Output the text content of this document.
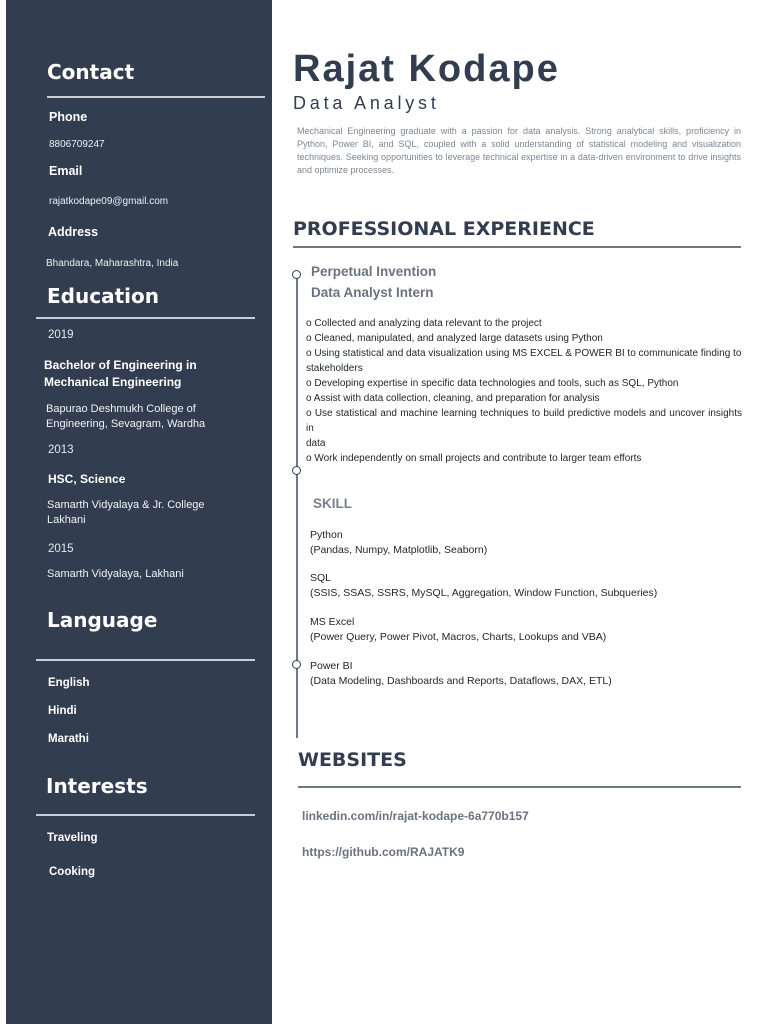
Contact
Phone
8806709247
Email
rajatkodape09@gmail.com
Address
Bhandara, Maharashtra, India
Education
2019
Bachelor of Engineering in
Mechanical Engineering
Bapurao Deshmukh College of
Engineering, Sevagram, Wardha
2013
HSC, Science
Samarth Vidyalaya & Jr. College
Lakhani
2015
Samarth Vidyalaya, Lakhani
Language
English
Hindi
Marathi
Interests
Traveling
Cooking
Rajat Kodape
Data Analyst
Mechanical Engineering graduate with a passion for data analysis. Strong analytical skills, proficiency in Python, Power BI, and SQL, coupled with a solid understanding of statistical modeling and visualization techniques. Seeking opportunities to leverage technical expertise in a data-driven environment to drive insights and optimize processes.
PROFESSIONAL EXPERIENCE
Perpetual Invention
Data Analyst Intern
o Collected and analyzing data relevant to the project
o Cleaned, manipulated, and analyzed large datasets using Python
o Using statistical and data visualization using MS EXCEL & POWER BI to communicate finding to
stakeholders
o Developing expertise in specific data technologies and tools, such as SQL, Python
o Assist with data collection, cleaning, and preparation for analysis
o Use statistical and machine learning techniques to build predictive models and uncover insights in
data
o Work independently on small projects and contribute to larger team efforts
SKILL
Python
(Pandas, Numpy, Matplotlib, Seaborn)
SQL
(SSIS, SSAS, SSRS, MySQL, Aggregation, Window Function, Subqueries)
MS Excel
(Power Query, Power Pivot, Macros, Charts, Lookups and VBA)
Power BI
(Data Modeling, Dashboards and Reports, Dataflows, DAX, ETL)
WEBSITES
linkedin.com/in/rajat-kodape-6a770b157
https://github.com/RAJATK9
